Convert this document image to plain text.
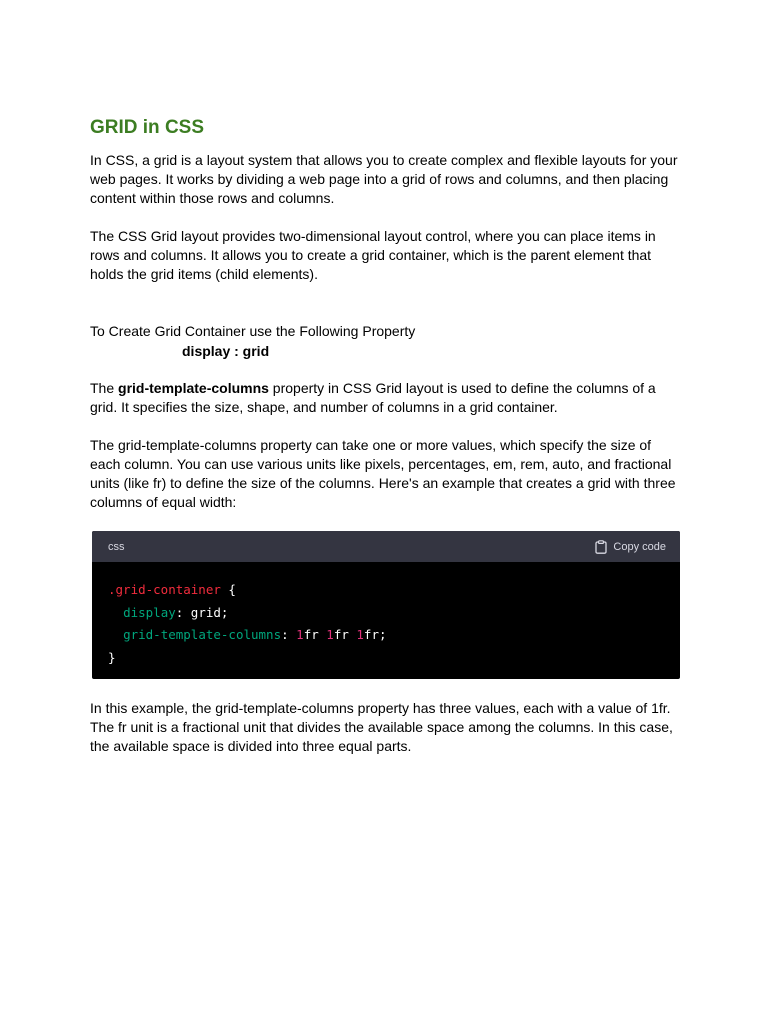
GRID in CSS

In CSS, a grid is a layout system that allows you to create complex and flexible layouts for your web pages. It works by dividing a web page into a grid of rows and columns, and then placing content within those rows and columns.

The CSS Grid layout provides two-dimensional layout control, where you can place items in rows and columns. It allows you to create a grid container, which is the parent element that holds the grid items (child elements).

To Create Grid Container use the Following Property

display : grid

The grid-template-columns property in CSS Grid layout is used to define the columns of a grid. It specifies the size, shape, and number of columns in a grid container.

The grid-template-columns property can take one or more values, which specify the size of each column. You can use various units like pixels, percentages, em, rem, auto, and fractional units (like fr) to define the size of the columns. Here's an example that creates a grid with three columns of equal width:

css	Copy code
.grid-container {
display: grid;
grid-template-columns: 1fr 1fr 1fr;
}

In this example, the grid-template-columns property has three values, each with a value of 1fr. The fr unit is a fractional unit that divides the available space among the columns. In this case, the available space is divided into three equal parts.
